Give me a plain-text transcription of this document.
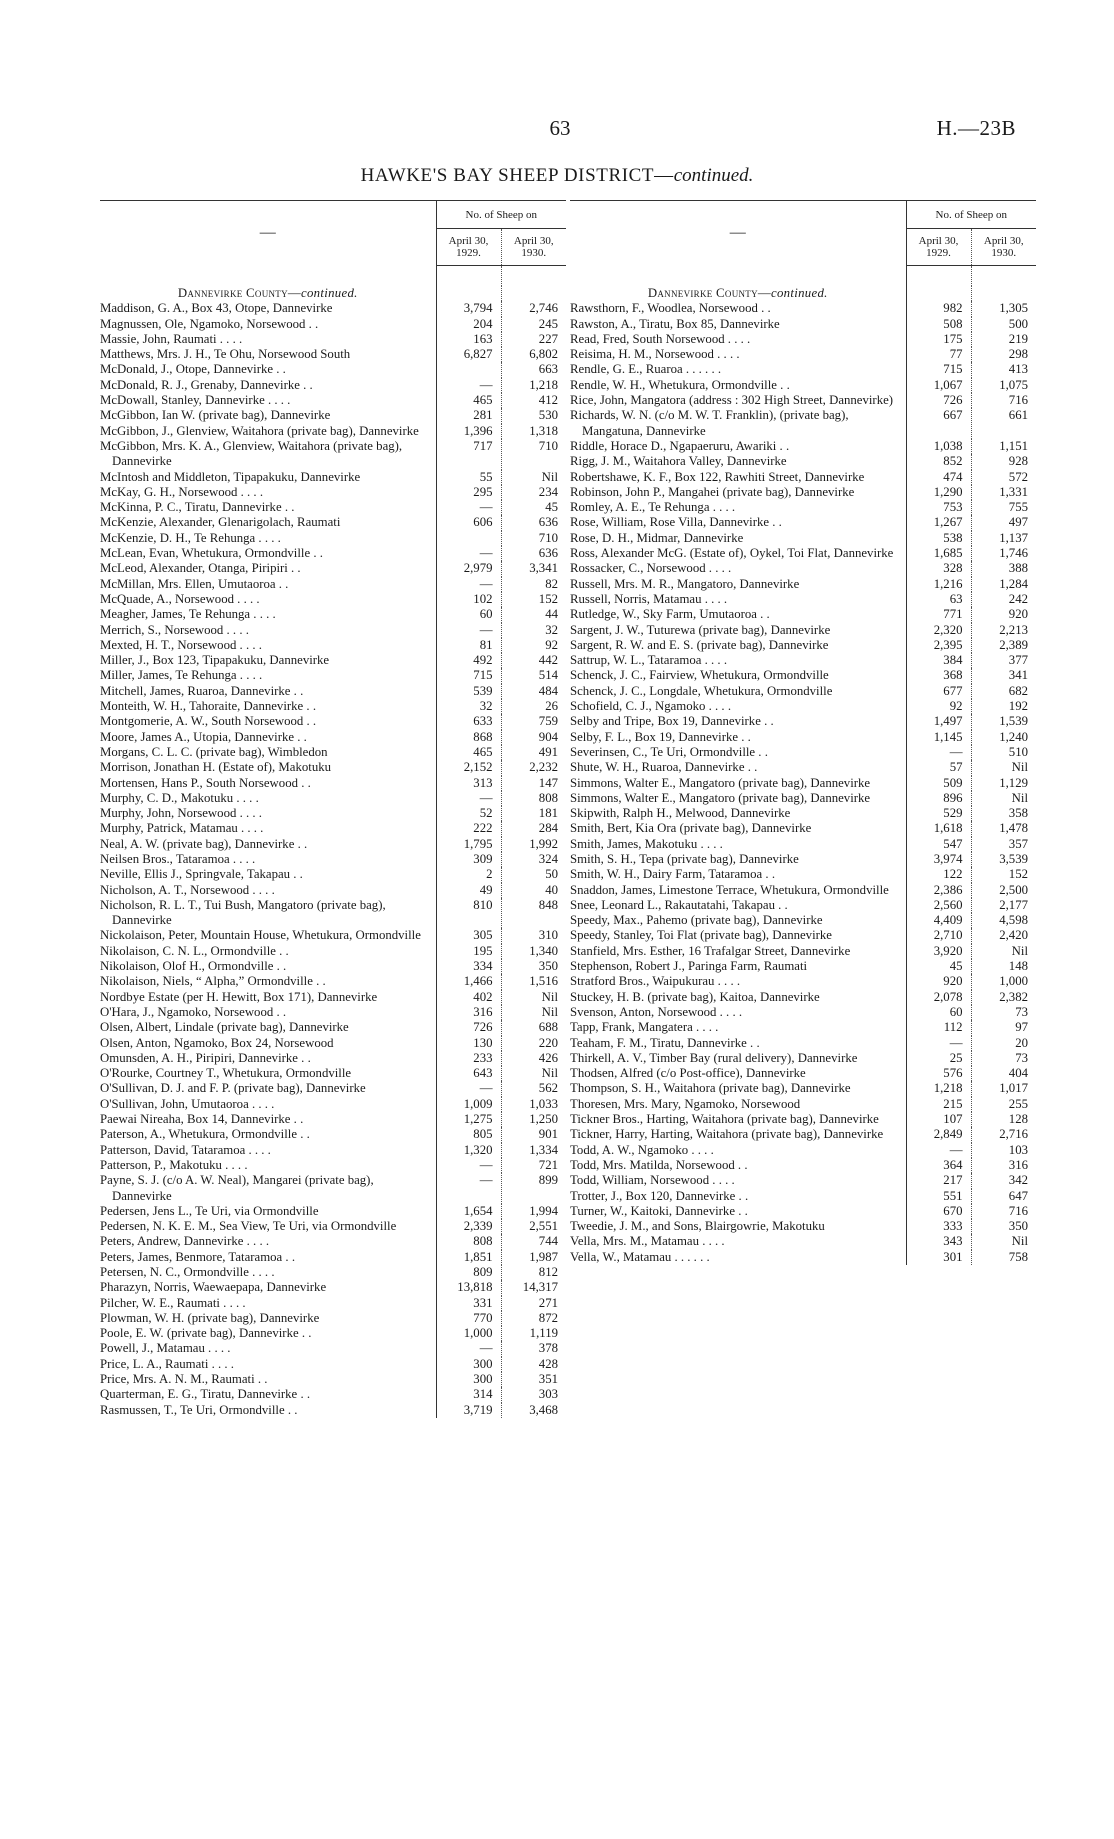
63	H.—23B
HAWKE'S BAY SHEEP DISTRICT—continued.
—	No. of Sheep on	
	April 30, 1929.	April 30, 1930.

Dannevirke County—continued.		
Maddison, G. A., Box 43, Otope, Dannevirke	3,794	2,746
Magnussen, Ole, Ngamoko, Norsewood . .	204	245
Massie, John, Raumati . . . .	163	227
Matthews, Mrs. J. H., Te Ohu, Norsewood South	6,827	6,802
McDonald, J., Otope, Dannevirke . .		663
McDonald, R. J., Grenaby, Dannevirke . .	—	1,218
McDowall, Stanley, Dannevirke . . . .	465	412
McGibbon, Ian W. (private bag), Dannevirke	281	530
McGibbon, J., Glenview, Waitahora (private bag), Dannevirke	1,396	1,318
McGibbon, Mrs. K. A., Glenview, Waitahora (private bag), Dannevirke	717	710
McIntosh and Middleton, Tipapakuku, Dannevirke	55	Nil
McKay, G. H., Norsewood . . . .	295	234
McKinna, P. C., Tiratu, Dannevirke . .	—	45
McKenzie, Alexander, Glenarigolach, Raumati	606	636
McKenzie, D. H., Te Rehunga . . . .		710
McLean, Evan, Whetukura, Ormondville . .	—	636
McLeod, Alexander, Otanga, Piripiri . .	2,979	3,341
McMillan, Mrs. Ellen, Umutaoroa . .	—	82
McQuade, A., Norsewood . . . .	102	152
Meagher, James, Te Rehunga . . . .	60	44
Merrich, S., Norsewood . . . .	—	32
Mexted, H. T., Norsewood . . . .	81	92
Miller, J., Box 123, Tipapakuku, Dannevirke	492	442
Miller, James, Te Rehunga . . . .	715	514
Mitchell, James, Ruaroa, Dannevirke . .	539	484
Monteith, W. H., Tahoraite, Dannevirke . .	32	26
Montgomerie, A. W., South Norsewood . .	633	759
Moore, James A., Utopia, Dannevirke . .	868	904
Morgans, C. L. C. (private bag), Wimbledon	465	491
Morrison, Jonathan H. (Estate of), Makotuku	2,152	2,232
Mortensen, Hans P., South Norsewood . .	313	147
Murphy, C. D., Makotuku . . . .	—	808
Murphy, John, Norsewood . . . .	52	181
Murphy, Patrick, Matamau . . . .	222	284
Neal, A. W. (private bag), Dannevirke . .	1,795	1,992
Neilsen Bros., Tataramoa . . . .	309	324
Neville, Ellis J., Springvale, Takapau . .	2	50
Nicholson, A. T., Norsewood . . . .	49	40
Nicholson, R. L. T., Tui Bush, Mangatoro (private bag), Dannevirke	810	848
Nickolaison, Peter, Mountain House, Whetukura, Ormondville	305	310
Nikolaison, C. N. L., Ormondville . .	195	1,340
Nikolaison, Olof H., Ormondville . .	334	350
Nikolaison, Niels, “ Alpha,” Ormondville . .	1,466	1,516
Nordbye Estate (per H. Hewitt, Box 171), Dannevirke	402	Nil
O'Hara, J., Ngamoko, Norsewood . .	316	Nil
Olsen, Albert, Lindale (private bag), Dannevirke	726	688
Olsen, Anton, Ngamoko, Box 24, Norsewood	130	220
Omunsden, A. H., Piripiri, Dannevirke . .	233	426
O'Rourke, Courtney T., Whetukura, Ormondville	643	Nil
O'Sullivan, D. J. and F. P. (private bag), Dannevirke	—	562
O'Sullivan, John, Umutaoroa . . . .	1,009	1,033
Paewai Nireaha, Box 14, Dannevirke . .	1,275	1,250
Paterson, A., Whetukura, Ormondville . .	805	901
Patterson, David, Tataramoa . . . .	1,320	1,334
Patterson, P., Makotuku . . . .	—	721
Payne, S. J. (c/o A. W. Neal), Mangarei (private bag), Dannevirke	—	899
Pedersen, Jens L., Te Uri, via Ormondville	1,654	1,994
Pedersen, N. K. E. M., Sea View, Te Uri, via Ormondville	2,339	2,551
Peters, Andrew, Dannevirke . . . .	808	744
Peters, James, Benmore, Tataramoa . .	1,851	1,987
Petersen, N. C., Ormondville . . . .	809	812
Pharazyn, Norris, Waewaepapa, Dannevirke	13,818	14,317
Pilcher, W. E., Raumati . . . .	331	271
Plowman, W. H. (private bag), Dannevirke	770	872
Poole, E. W. (private bag), Dannevirke . .	1,000	1,119
Powell, J., Matamau . . . .	—	378
Price, L. A., Raumati . . . .	300	428
Price, Mrs. A. N. M., Raumati . .	300	351
Quarterman, E. G., Tiratu, Dannevirke . .	314	303
Rasmussen, T., Te Uri, Ormondville . .	3,719	3,468
—	No. of Sheep on	
	April 30, 1929.	April 30, 1930.

Dannevirke County—continued.		
Rawsthorn, F., Woodlea, Norsewood . .	982	1,305
Rawston, A., Tiratu, Box 85, Dannevirke	508	500
Read, Fred, South Norsewood . . . .	175	219
Reisima, H. M., Norsewood . . . .	77	298
Rendle, G. E., Ruaroa . . . . . .	715	413
Rendle, W. H., Whetukura, Ormondville . .	1,067	1,075
Rice, John, Mangatora (address : 302 High Street, Dannevirke)	726	716
Richards, W. N. (c/o M. W. T. Franklin), (private bag), Mangatuna, Dannevirke	667	661
Riddle, Horace D., Ngapaeruru, Awariki . .	1,038	1,151
Rigg, J. M., Waitahora Valley, Dannevirke	852	928
Robertshawe, K. F., Box 122, Rawhiti Street, Dannevirke	474	572
Robinson, John P., Mangahei (private bag), Dannevirke	1,290	1,331
Romley, A. E., Te Rehunga . . . .	753	755
Rose, William, Rose Villa, Dannevirke . .	1,267	497
Rose, D. H., Midmar, Dannevirke	538	1,137
Ross, Alexander McG. (Estate of), Oykel, Toi Flat, Dannevirke	1,685	1,746
Rossacker, C., Norsewood . . . .	328	388
Russell, Mrs. M. R., Mangatoro, Dannevirke	1,216	1,284
Russell, Norris, Matamau . . . .	63	242
Rutledge, W., Sky Farm, Umutaoroa . .	771	920
Sargent, J. W., Tuturewa (private bag), Dannevirke	2,320	2,213
Sargent, R. W. and E. S. (private bag), Dannevirke	2,395	2,389
Sattrup, W. L., Tataramoa . . . .	384	377
Schenck, J. C., Fairview, Whetukura, Ormondville	368	341
Schenck, J. C., Longdale, Whetukura, Ormondville	677	682
Schofield, C. J., Ngamoko . . . .	92	192
Selby and Tripe, Box 19, Dannevirke . .	1,497	1,539
Selby, F. L., Box 19, Dannevirke . .	1,145	1,240
Severinsen, C., Te Uri, Ormondville . .	—	510
Shute, W. H., Ruaroa, Dannevirke . .	57	Nil
Simmons, Walter E., Mangatoro (private bag), Dannevirke	509	1,129
Simmons, Walter E., Mangatoro (private bag), Dannevirke	896	Nil
Skipwith, Ralph H., Melwood, Dannevirke	529	358
Smith, Bert, Kia Ora (private bag), Dannevirke	1,618	1,478
Smith, James, Makotuku . . . .	547	357
Smith, S. H., Tepa (private bag), Dannevirke	3,974	3,539
Smith, W. H., Dairy Farm, Tataramoa . .	122	152
Snaddon, James, Limestone Terrace, Whetukura, Ormondville	2,386	2,500
Snee, Leonard L., Rakautatahi, Takapau . .	2,560	2,177
Speedy, Max., Pahemo (private bag), Dannevirke	4,409	4,598
Speedy, Stanley, Toi Flat (private bag), Dannevirke	2,710	2,420
Stanfield, Mrs. Esther, 16 Trafalgar Street, Dannevirke	3,920	Nil
Stephenson, Robert J., Paringa Farm, Raumati	45	148
Stratford Bros., Waipukurau . . . .	920	1,000
Stuckey, H. B. (private bag), Kaitoa, Dannevirke	2,078	2,382
Svenson, Anton, Norsewood . . . .	60	73
Tapp, Frank, Mangatera . . . .	112	97
Teaham, F. M., Tiratu, Dannevirke . .	—	20
Thirkell, A. V., Timber Bay (rural delivery), Dannevirke	25	73
Thodsen, Alfred (c/o Post-office), Dannevirke	576	404
Thompson, S. H., Waitahora (private bag), Dannevirke	1,218	1,017
Thoresen, Mrs. Mary, Ngamoko, Norsewood	215	255
Tickner Bros., Harting, Waitahora (private bag), Dannevirke	107	128
Tickner, Harry, Harting, Waitahora (private bag), Dannevirke	2,849	2,716
Todd, A. W., Ngamoko . . . .	—	103
Todd, Mrs. Matilda, Norsewood . .	364	316
Todd, William, Norsewood . . . .	217	342
Trotter, J., Box 120, Dannevirke . .	551	647
Turner, W., Kaitoki, Dannevirke . .	670	716
Tweedie, J. M., and Sons, Blairgowrie, Makotuku	333	350
Vella, Mrs. M., Matamau . . . .	343	Nil
Vella, W., Matamau . . . . . .	301	758
